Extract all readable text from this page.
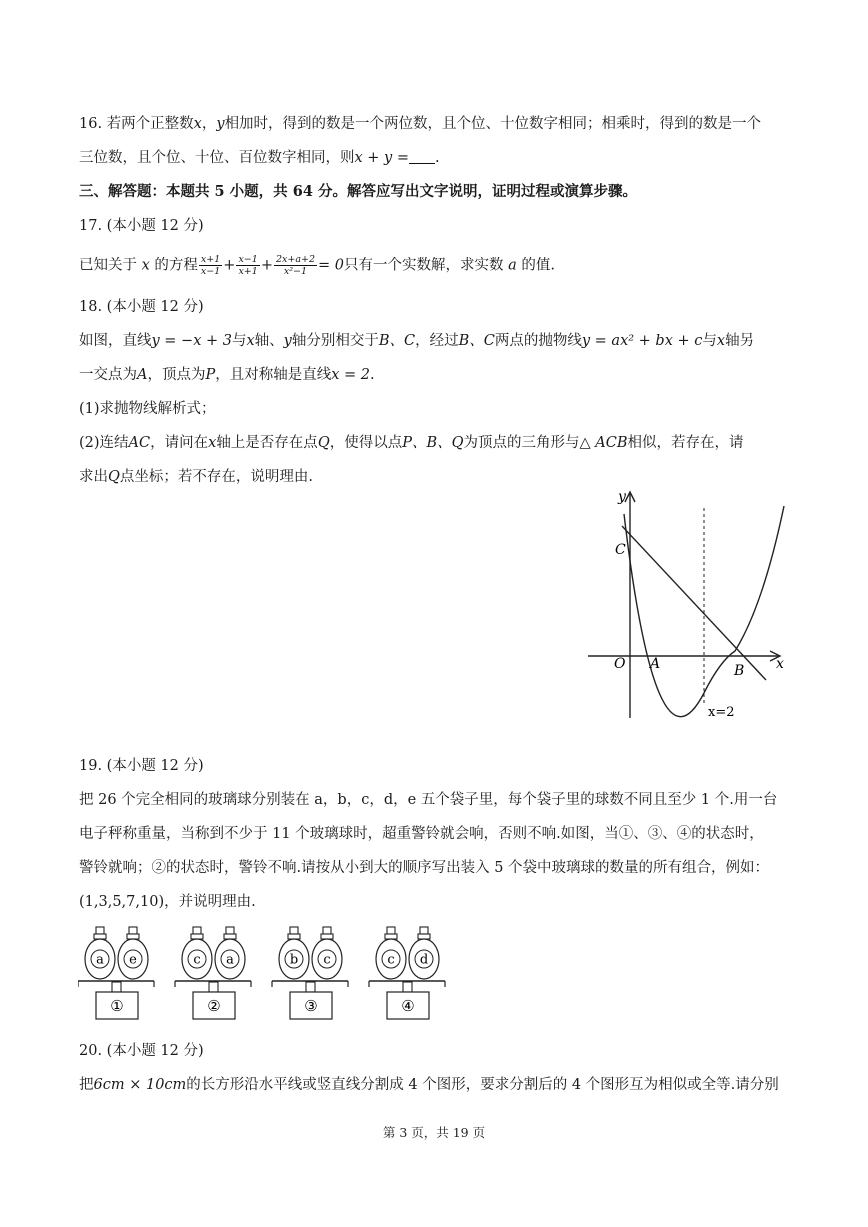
16. 若两个正整数x，y相加时，得到的数是一个两位数，且个位、十位数字相同；相乘时，得到的数是一个
三位数，且个位、十位、百位数字相同，则x + y = .
三、解答题：本题共 5 小题，共 64 分。解答应写出文字说明，证明过程或演算步骤。
17. (本小题 12 分)
已知关于 x 的方程 $\frac{x+1}{x-1} + \frac{x-1}{x+1} + \frac{2x+a+2}{\text{x²−1}} = 0$只有一个实数解，求实数 a 的值.
18. (本小题 12 分)
如图，直线y = −x + 3与x轴、y轴分别相交于B、C，经过B、C两点的抛物线y = ax² + bx + c与x轴另
一交点为A，顶点为P，且对称轴是直线x = 2.
(1)求抛物线解析式；
(2)连结AC，请问在x轴上是否存在点Q，使得以点P、B、Q为顶点的三角形与△ ACB相似，若存在，请
求出Q点坐标；若不存在，说明理由.
y
x
O A	B
C
x=2
19. (本小题 12 分)
把 26 个完全相同的玻璃球分别装在 a，b，c，d，e 五个袋子里，每个袋子里的球数不同且至少 1 个.用一台
电子秤称重量，当称到不少于 11 个玻璃球时，超重警铃就会响，否则不响.如图，当①、③、④的状态时，
警铃就响；②的状态时，警铃不响.请按从小到大的顺序写出装入 5 个袋中玻璃球的数量的所有组合，例如：
(1,3,5,7,10)，并说明理由.
a e
①
c a
②
b c
③
c d
④
20. (本小题 12 分)
把6cm × 10cm的长方形沿水平线或竖直线分割成 4 个图形，要求分割后的 4 个图形互为相似或全等.请分别
第 3 页，共 19 页
